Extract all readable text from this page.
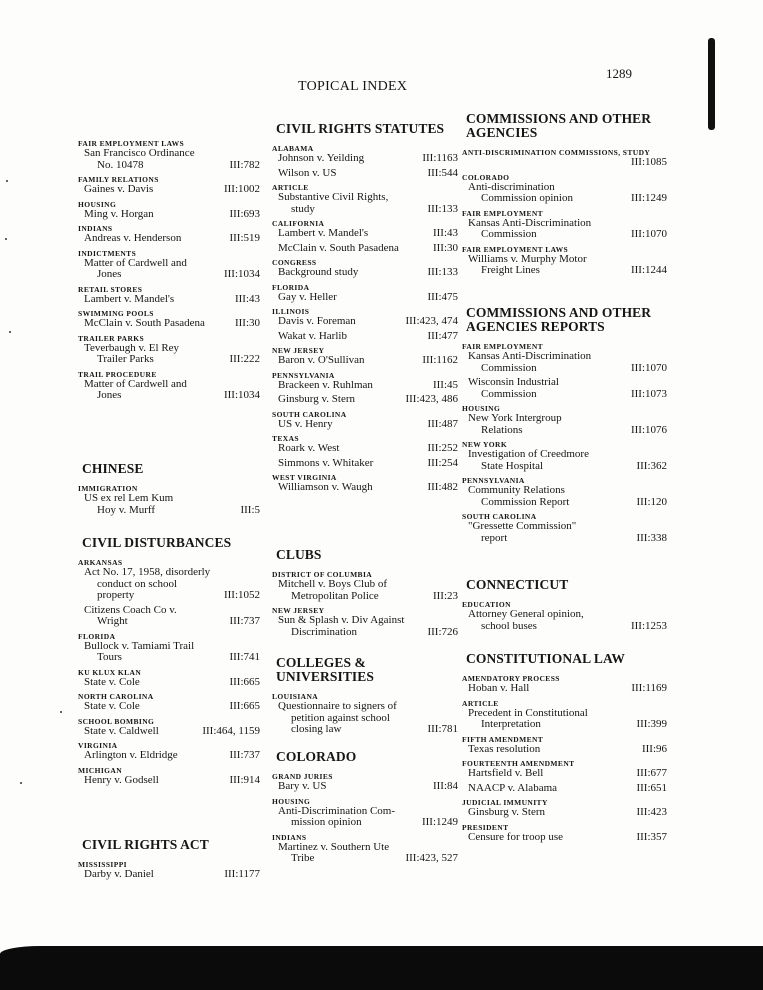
TOPICAL INDEX
1289
FAIR EMPLOYMENT LAWS
San Francisco Ordinance
No. 10478	III:782
FAMILY RELATIONS
Gaines v. Davis	III:1002
HOUSING
Ming v. Horgan	III:693
INDIANS
Andreas v. Henderson	III:519
INDICTMENTS
Matter of Cardwell and
Jones	III:1034
RETAIL STORES
Lambert v. Mandel's	III:43
SWIMMING POOLS
McClain v. South Pasadena	III:30
TRAILER PARKS
Teverbaugh v. El Rey
Trailer Parks	III:222
TRAIL PROCEDURE
Matter of Cardwell and
Jones	III:1034
CHINESE
IMMIGRATION
US ex rel Lem Kum
Hoy v. Murff	III:5
CIVIL DISTURBANCES
ARKANSAS
Act No. 17, 1958, disorderly
conduct on school
property	III:1052
Citizens Coach Co v.
Wright	III:737
FLORIDA
Bullock v. Tamiami Trail
Tours	III:741
KU KLUX KLAN
State v. Cole	III:665
NORTH CAROLINA
State v. Cole	III:665
SCHOOL BOMBING
State v. Caldwell	III:464, 1159
VIRGINIA
Arlington v. Eldridge	III:737
MICHIGAN
Henry v. Godsell	III:914
CIVIL RIGHTS ACT
MISSISSIPPI
Darby v. Daniel	III:1177
CIVIL RIGHTS STATUTES
ALABAMA
Johnson v. Yeilding	III:1163
Wilson v. US	III:544
ARTICLE
Substantive Civil Rights,
study	III:133
CALIFORNIA
Lambert v. Mandel's	III:43
McClain v. South Pasadena	III:30
CONGRESS
Background study	III:133
FLORIDA
Gay v. Heller	III:475
ILLINOIS
Davis v. Foreman	III:423, 474
Wakat v. Harlib	III:477
NEW JERSEY
Baron v. O'Sullivan	III:1162
PENNSYLVANIA
Brackeen v. Ruhlman	III:45
Ginsburg v. Stern	III:423, 486
SOUTH CAROLINA
US v. Henry	III:487
TEXAS
Roark v. West	III:252
Simmons v. Whitaker	III:254
WEST VIRGINIA
Williamson v. Waugh	III:482
CLUBS
DISTRICT OF COLUMBIA
Mitchell v. Boys Club of
Metropolitan Police	III:23
NEW JERSEY
Sun & Splash v. Div Against
Discrimination	III:726
COLLEGES & UNIVERSITIES
LOUISIANA
Questionnaire to signers of
petition against school
closing law	III:781
COLORADO
GRAND JURIES
Bary v. US	III:84
HOUSING
Anti-Discrimination Com-
mission opinion	III:1249
INDIANS
Martinez v. Southern Ute
Tribe	III:423, 527
COMMISSIONS AND OTHER AGENCIES
ANTI-DISCRIMINATION COMMISSIONS, STUDY
III:1085
COLORADO
Anti-discrimination
Commission opinion	III:1249
FAIR EMPLOYMENT
Kansas Anti-Discrimination
Commission	III:1070
FAIR EMPLOYMENT LAWS
Williams v. Murphy Motor
Freight Lines	III:1244
COMMISSIONS AND OTHER AGENCIES REPORTS
FAIR EMPLOYMENT
Kansas Anti-Discrimination
Commission	III:1070
Wisconsin Industrial
Commission	III:1073
HOUSING
New York Intergroup
Relations	III:1076
NEW YORK
Investigation of Creedmore
State Hospital	III:362
PENNSYLVANIA
Community Relations
Commission Report	III:120
SOUTH CAROLINA
"Gressette Commission"
report	III:338
CONNECTICUT
EDUCATION
Attorney General opinion,
school buses	III:1253
CONSTITUTIONAL LAW
AMENDATORY PROCESS
Hoban v. Hall	III:1169
ARTICLE
Precedent in Constitutional
Interpretation	III:399
FIFTH AMENDMENT
Texas resolution	III:96
FOURTEENTH AMENDMENT
Hartsfield v. Bell	III:677
NAACP v. Alabama	III:651
JUDICIAL IMMUNITY
Ginsburg v. Stern	III:423
PRESIDENT
Censure for troop use	III:357
